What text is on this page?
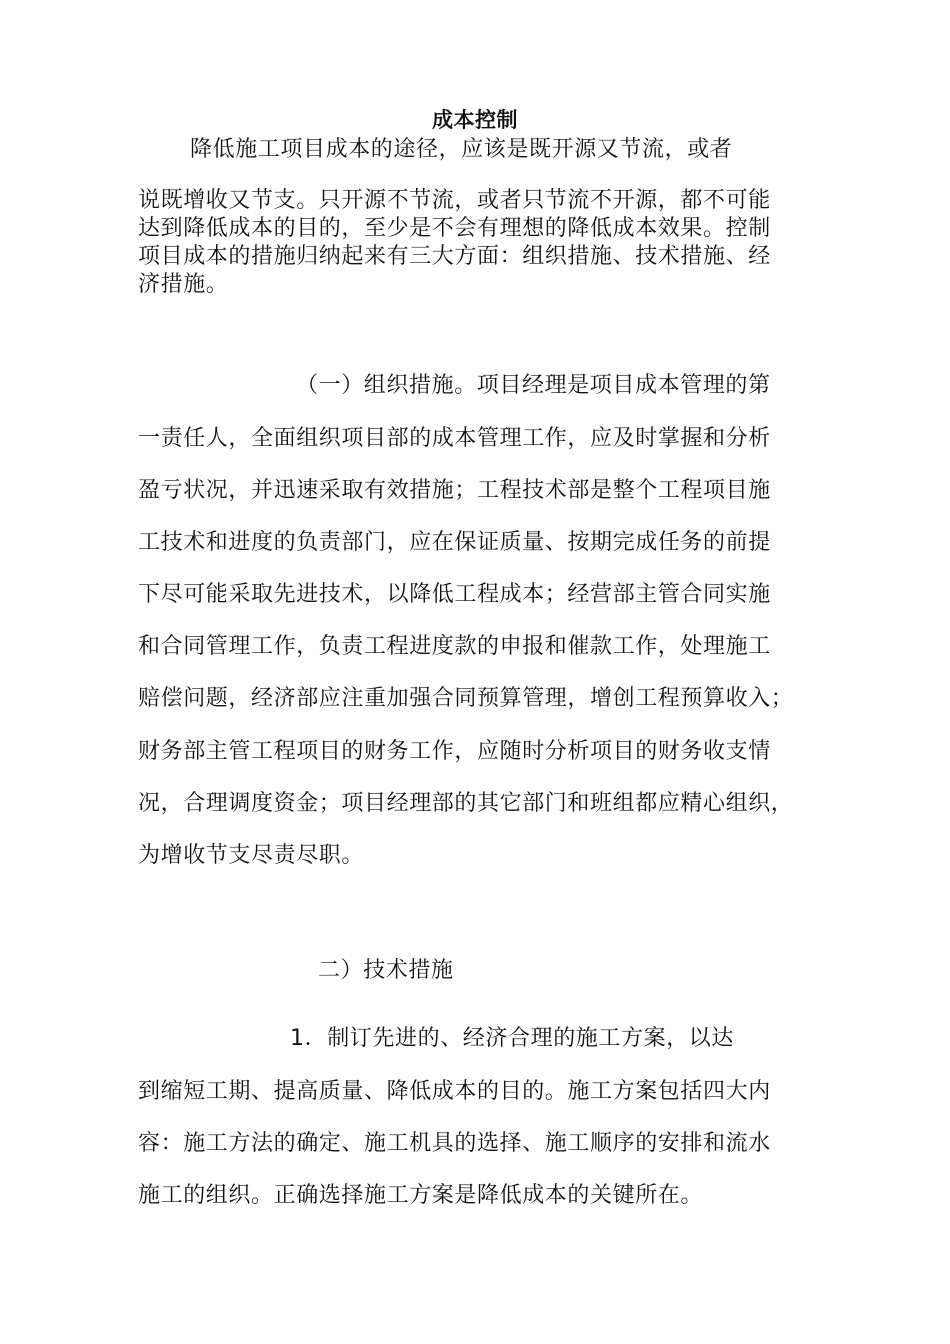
成本控制
降低施工项目成本的途径，应该是既开源又节流，或者
说既增收又节支。只开源不节流，或者只节流不开源，都不可能
达到降低成本的目的，至少是不会有理想的降低成本效果。控制
项目成本的措施归纳起来有三大方面：组织措施、技术措施、经
济措施。
（一）组织措施。项目经理是项目成本管理的第
一责任人，全面组织项目部的成本管理工作，应及时掌握和分析
盈亏状况，并迅速采取有效措施；工程技术部是整个工程项目施
工技术和进度的负责部门，应在保证质量、按期完成任务的前提
下尽可能采取先进技术，以降低工程成本；经营部主管合同实施
和合同管理工作，负责工程进度款的申报和催款工作，处理施工
赔偿问题，经济部应注重加强合同预算管理，增创工程预算收入；
财务部主管工程项目的财务工作，应随时分析项目的财务收支情
况，合理调度资金；项目经理部的其它部门和班组都应精心组织，
为增收节支尽责尽职。
二）技术措施
1．制订先进的、经济合理的施工方案，以达
到缩短工期、提高质量、降低成本的目的。施工方案包括四大内
容：施工方法的确定、施工机具的选择、施工顺序的安排和流水
施工的组织。正确选择施工方案是降低成本的关键所在。
